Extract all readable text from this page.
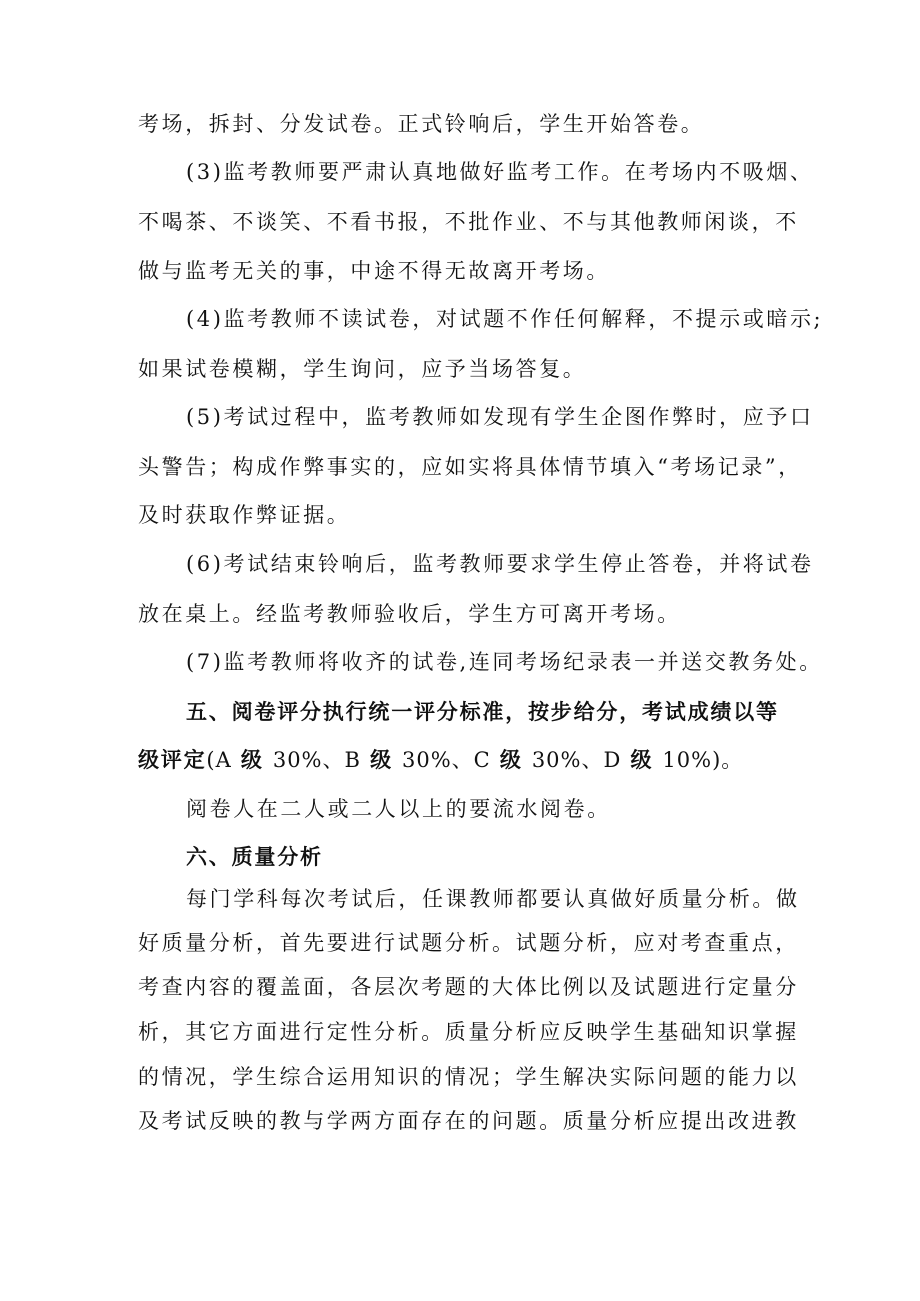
考场，拆封、分发试卷。正式铃响后，学生开始答卷。
(3)监考教师要严肃认真地做好监考工作。在考场内不吸烟、
不喝茶、不谈笑、不看书报，不批作业、不与其他教师闲谈，不
做与监考无关的事，中途不得无故离开考场。
(4)监考教师不读试卷，对试题不作任何解释，不提示或暗示;
如果试卷模糊，学生询问，应予当场答复。
(5)考试过程中，监考教师如发现有学生企图作弊时，应予口
头警告；构成作弊事实的，应如实将具体情节填入“考场记录”，
及时获取作弊证据。
(6)考试结束铃响后，监考教师要求学生停止答卷，并将试卷
放在桌上。经监考教师验收后，学生方可离开考场。
(7)监考教师将收齐的试卷,连同考场纪录表一并送交教务处。
五、阅卷评分执行统一评分标准，按步给分，考试成绩以等
级评定(A 级 30%、B 级 30%、C 级 30%、D 级 10%)。
阅卷人在二人或二人以上的要流水阅卷。
六、质量分析
每门学科每次考试后，任课教师都要认真做好质量分析。做
好质量分析，首先要进行试题分析。试题分析，应对考查重点，
考查内容的覆盖面，各层次考题的大体比例以及试题进行定量分
析，其它方面进行定性分析。质量分析应反映学生基础知识掌握
的情况，学生综合运用知识的情况；学生解决实际问题的能力以
及考试反映的教与学两方面存在的问题。质量分析应提出改进教
